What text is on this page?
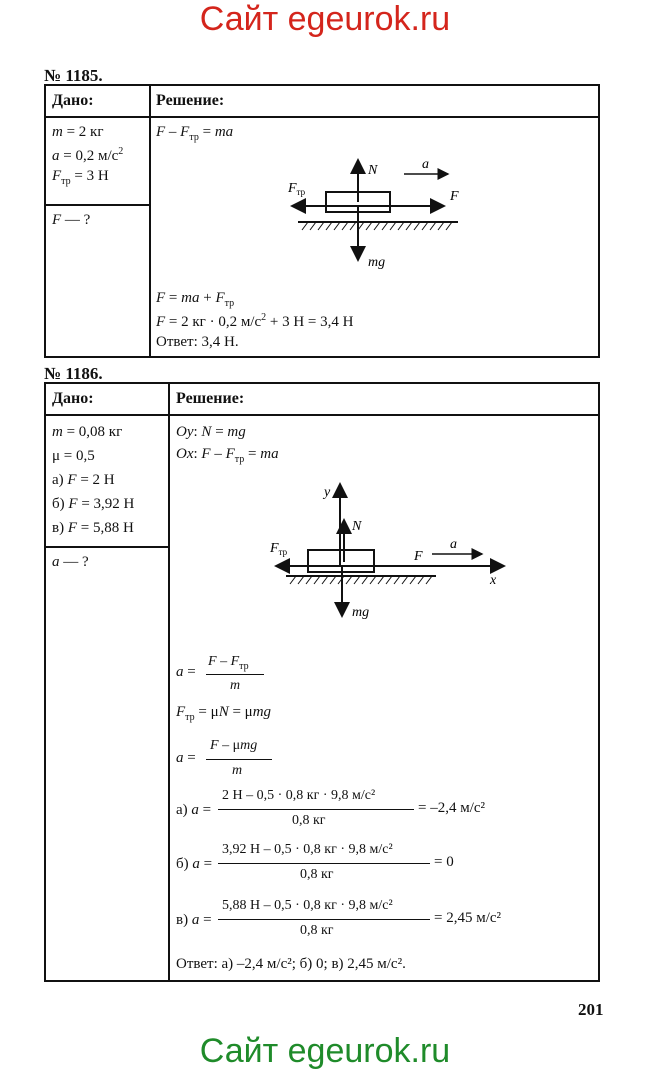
Сайт egeurok.ru
№ 1185.
Дано:	Решение:
m = 2 кг
a = 0,2 $м/с^2$
$F_{тр} = 3$ Н
F — ?
F – $F_{тр}$ = ma
N	a
F
$F_{тр}$
mg
F = ma + $F_{тр}$
F = 2 кг · 0,2 $м/с^2 + 3$ Н = 3,4 Н
Ответ: 3,4 Н.
№ 1186.
Дано:	Решение:
m = 0,08 кг
μ = 0,5
а) F = 2 Н
б) F = 3,92 Н
в) F = 5,88 Н
a — ?
Oy: N = mg
Ox: F – $F_{тр}$ = ma
y
N
$F_{тр}$	F
a
x
mg
a =
F – $F_{тр}$
m
$F_{тр} = \mu N = \mu mg$
a =
F – μmg
m
а) a =
2 Н – 0,5 · 0,8 кг · 9,8 м/с²
0,8 кг
= –2,4 м/с²
б) a =
3,92 Н – 0,5 · 0,8 кг · 9,8 м/с²
0,8 кг
= 0
в) a =
5,88 Н – 0,5 · 0,8 кг · 9,8 м/с²
0,8 кг
= 2,45 м/с²
Ответ: а) –2,4 м/с²; б) 0; в) 2,45 м/с².
201
Сайт egeurok.ru
